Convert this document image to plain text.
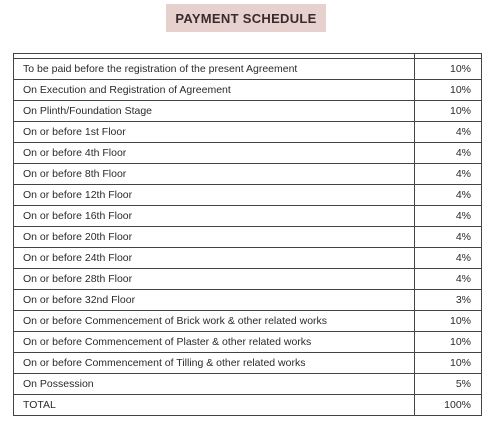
PAYMENT SCHEDULE

To be paid before the registration of the present Agreement	10%
On Execution and Registration of Agreement	10%
On Plinth/Foundation Stage	10%
On or before 1st Floor	4%
On or before 4th Floor	4%
On or before 8th Floor	4%
On or before 12th Floor	4%
On or before 16th Floor	4%
On or before 20th Floor	4%
On or before 24th Floor	4%
On or before 28th Floor	4%
On or before 32nd Floor	3%
On or before Commencement of Brick work & other related works	10%
On or before Commencement of Plaster & other related works	10%
On or before Commencement of Tilling & other related works	10%
On Possession	5%
TOTAL	100%
